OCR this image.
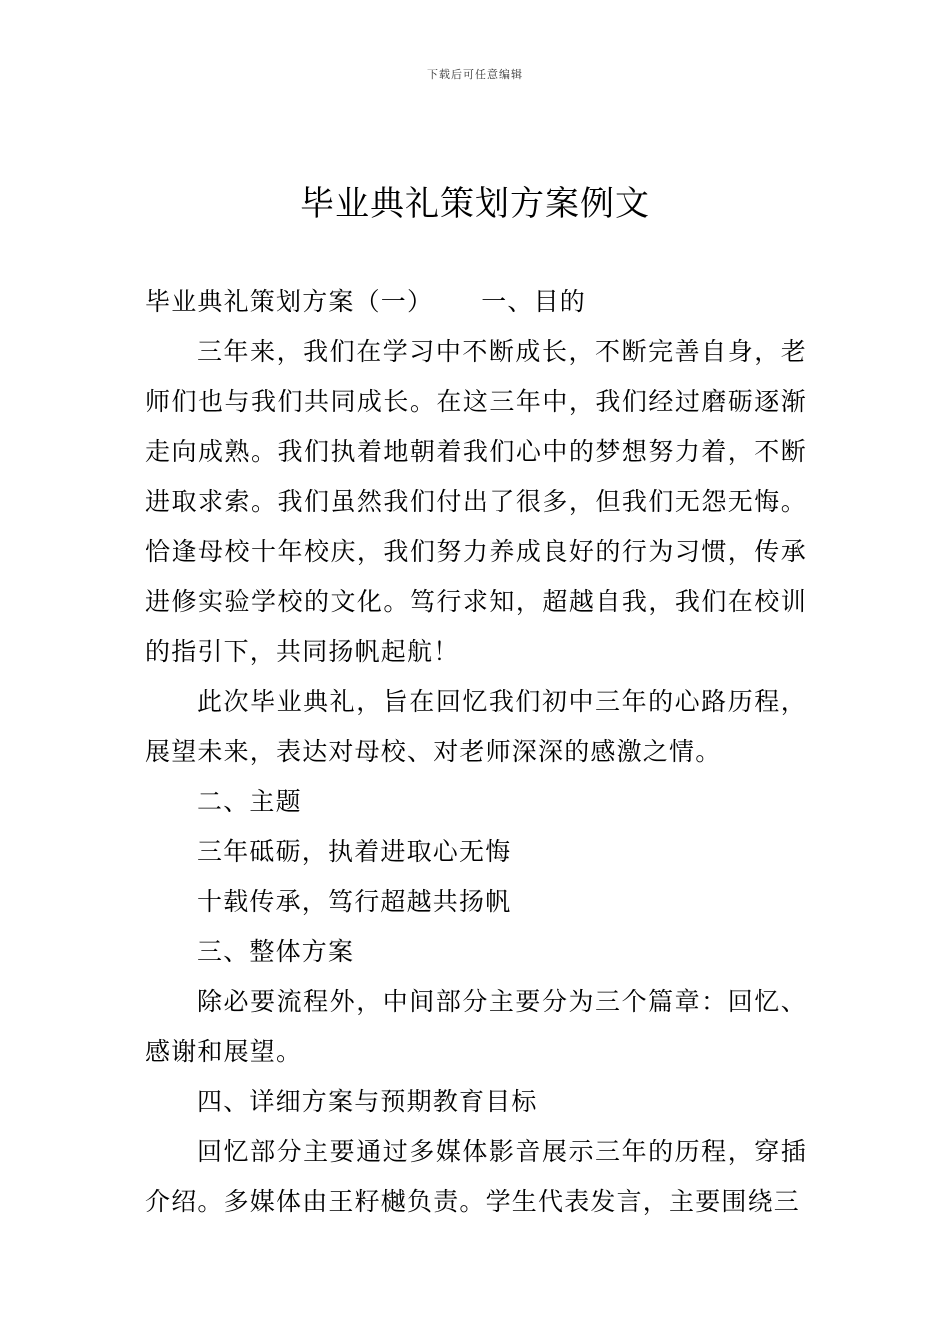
下载后可任意编辑
毕业典礼策划方案例文

毕业典礼策划方案（一） 一、目的

三年来，我们在学习中不断成长，不断完善自身，老师们也与我们共同成长。在这三年中，我们经过磨砺逐渐走向成熟。我们执着地朝着我们心中的梦想努力着，不断进取求索。我们虽然我们付出了很多，但我们无怨无悔。恰逢母校十年校庆，我们努力养成良好的行为习惯，传承进修实验学校的文化。笃行求知，超越自我，我们在校训的指引下，共同扬帆起航！

此次毕业典礼，旨在回忆我们初中三年的心路历程，展望未来，表达对母校、对老师深深的感激之情。

二、主题

三年砥砺，执着进取心无悔

十载传承，笃行超越共扬帆

三、整体方案

除必要流程外，中间部分主要分为三个篇章：回忆、感谢和展望。

四、详细方案与预期教育目标

回忆部分主要通过多媒体影音展示三年的历程，穿插介绍。多媒体由王籽樾负责。学生代表发言，主要围绕三
